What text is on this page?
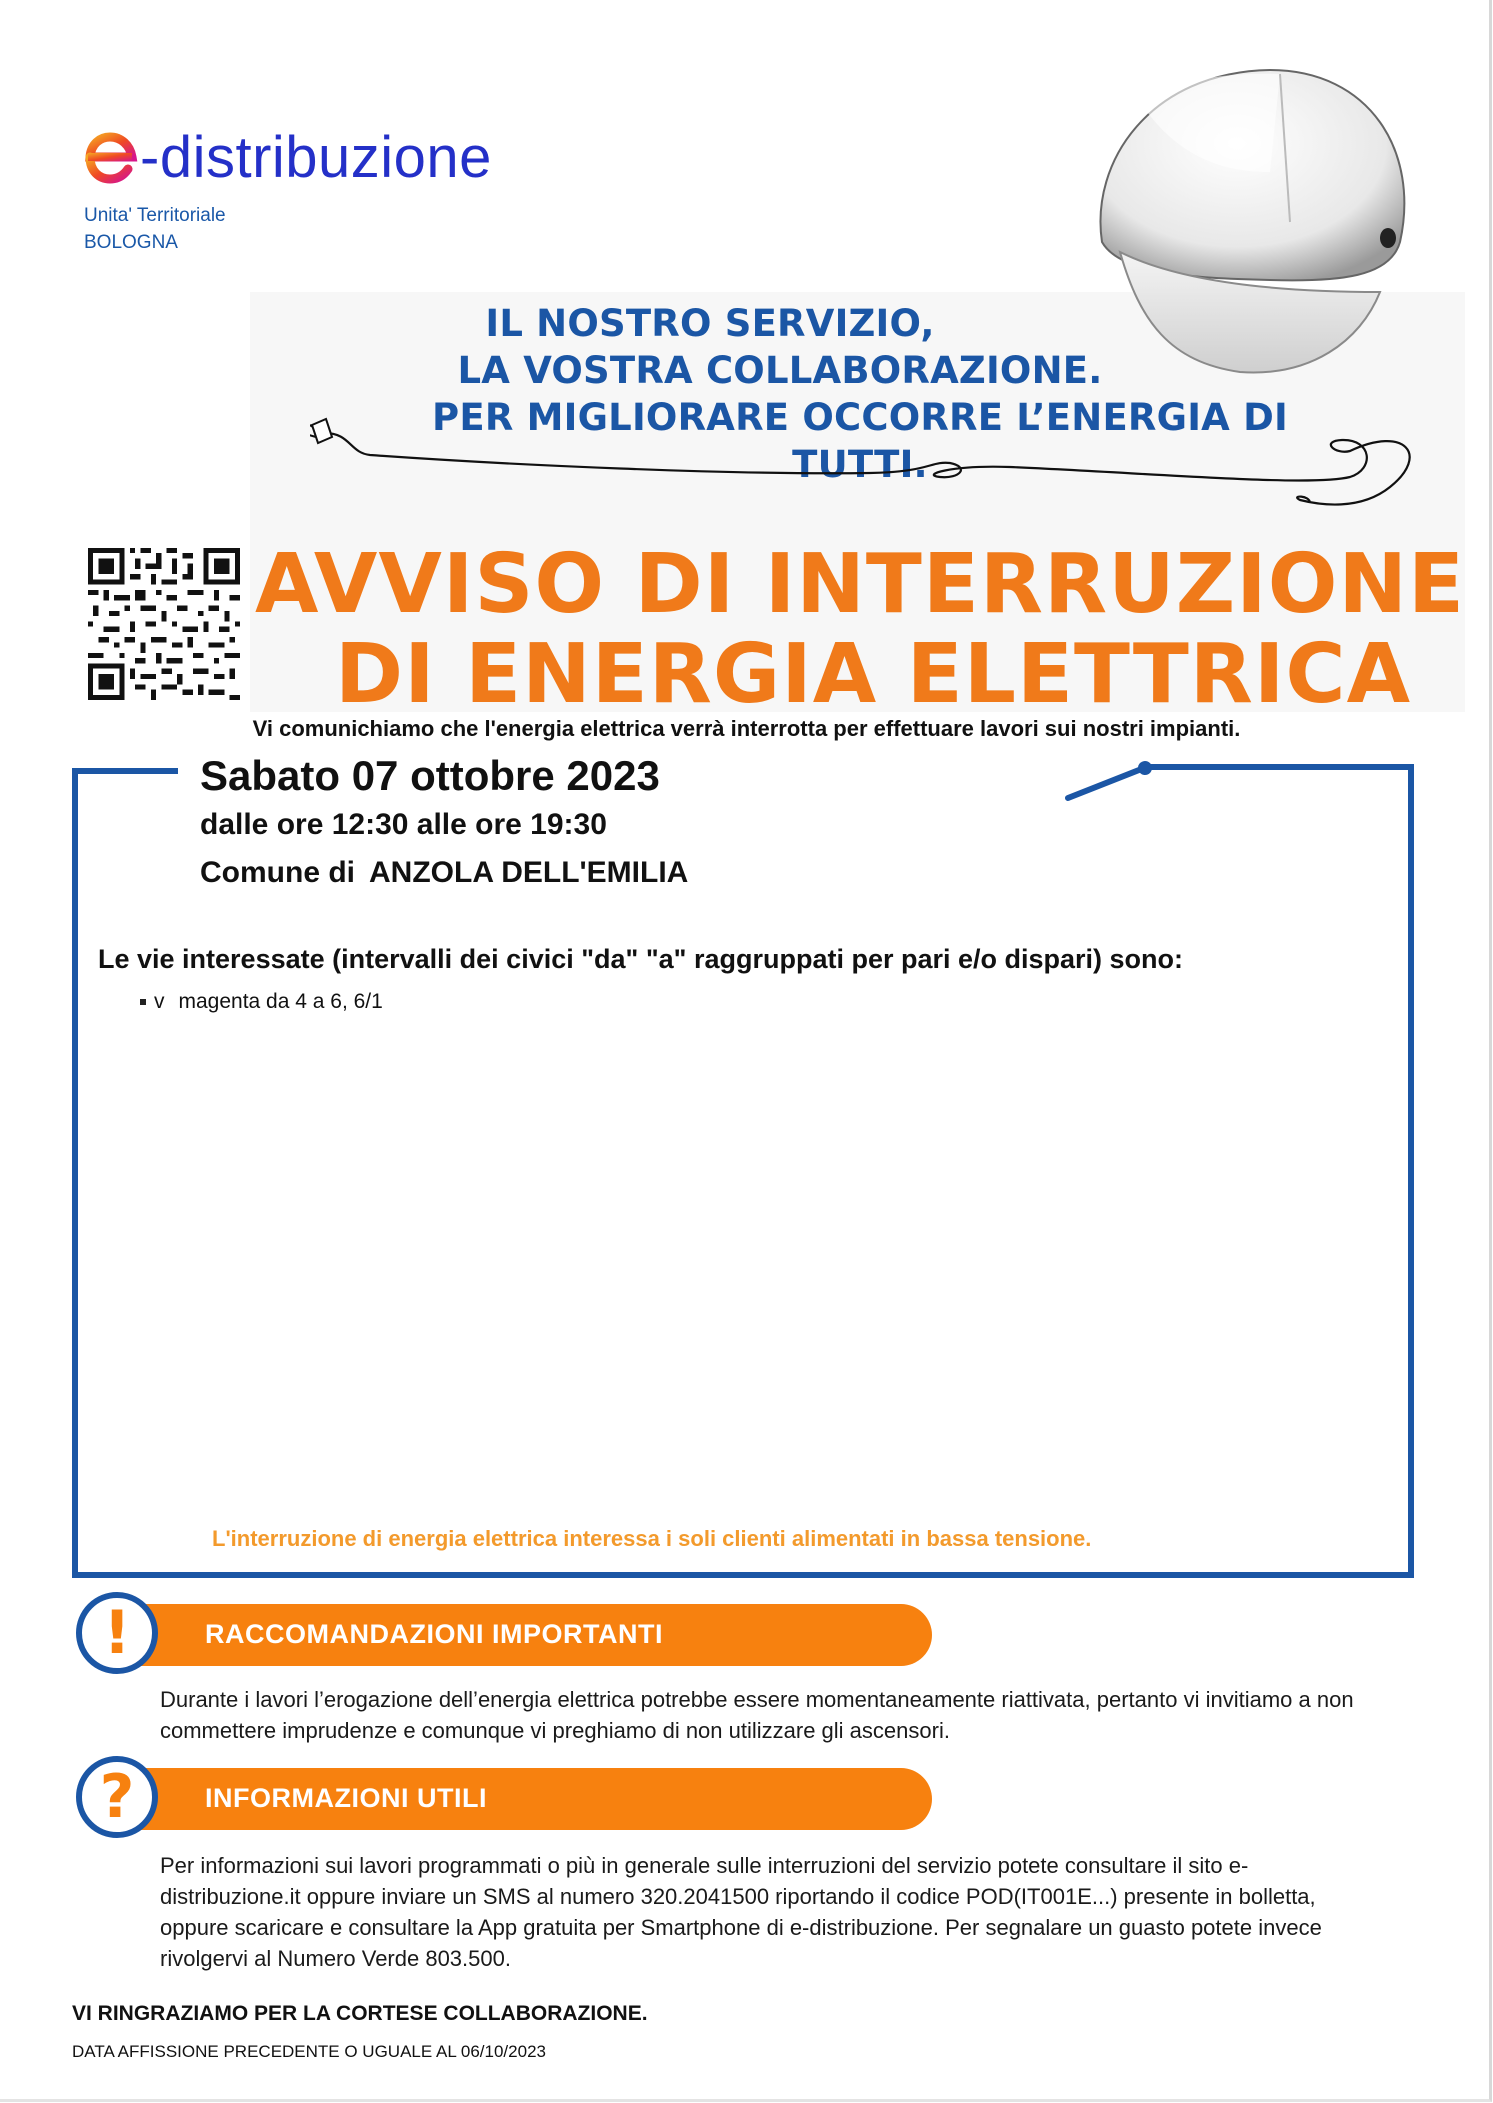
-distribuzione
Unita' Territoriale
BOLOGNA
IL NOSTRO SERVIZIO,
LA VOSTRA COLLABORAZIONE.
PER MIGLIORARE OCCORRE L’ENERGIA DI TUTTI.
AVVISO DI INTERRUZIONE
DI ENERGIA ELETTRICA
Vi comunichiamo che l'energia elettrica verrà interrotta per effettuare lavori sui nostri impianti.
Sabato 07 ottobre 2023
dalle ore 12:30 alle ore 19:30
Comune di ANZOLA DELL'EMILIA
Le vie interessate (intervalli dei civici "da" "a" raggruppati per pari e/o dispari) sono:
v magenta da 4 a 6, 6/1
L'interruzione di energia elettrica interessa i soli clienti alimentati in bassa tensione.
!	RACCOMANDAZIONI IMPORTANTI
Durante i lavori l’erogazione dell’energia elettrica potrebbe essere momentaneamente riattivata, pertanto vi invitiamo a non commettere imprudenze e comunque vi preghiamo di non utilizzare gli ascensori.
?	INFORMAZIONI UTILI
Per informazioni sui lavori programmati o più in generale sulle interruzioni del servizio potete consultare il sito e-distribuzione.it oppure inviare un SMS al numero 320.2041500 riportando il codice POD(IT001E...) presente in bolletta, oppure scaricare e consultare la App gratuita per Smartphone di e-distribuzione. Per segnalare un guasto potete invece rivolgervi al Numero Verde 803.500.
VI RINGRAZIAMO PER LA CORTESE COLLABORAZIONE.
DATA AFFISSIONE PRECEDENTE O UGUALE AL 06/10/2023
